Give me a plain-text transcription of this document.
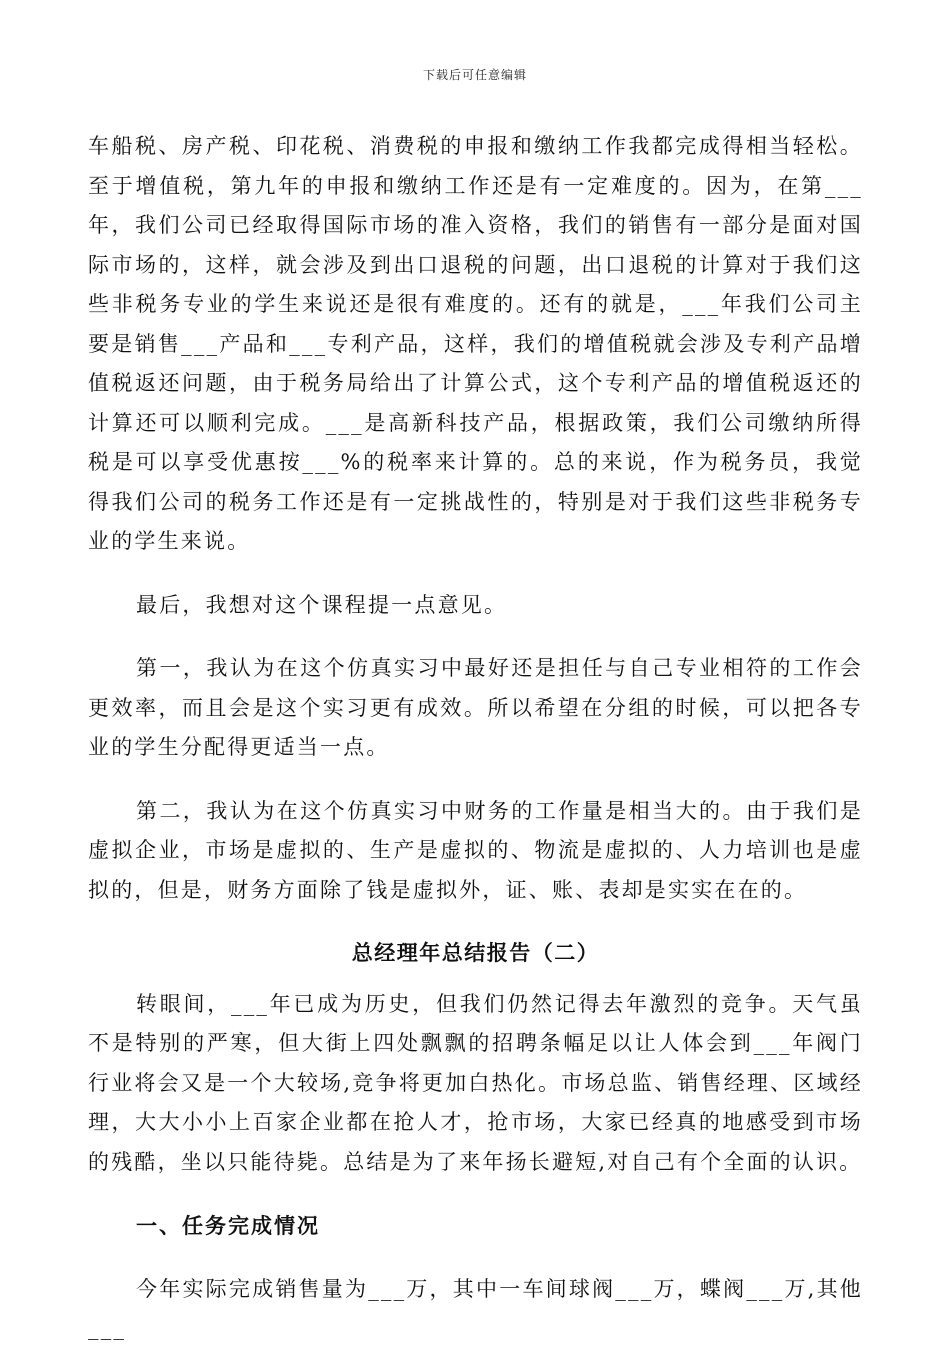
下载后可任意编辑

车船税、房产税、印花税、消费税的申报和缴纳工作我都完成得相当轻松。至于增值税，第九年的申报和缴纳工作还是有一定难度的。因为，在第___年，我们公司已经取得国际市场的准入资格，我们的销售有一部分是面对国际市场的，这样，就会涉及到出口退税的问题，出口退税的计算对于我们这些非税务专业的学生来说还是很有难度的。还有的就是，___年我们公司主要是销售___产品和___专利产品，这样，我们的增值税就会涉及专利产品增值税返还问题，由于税务局给出了计算公式，这个专利产品的增值税返还的计算还可以顺利完成。___是高新科技产品，根据政策，我们公司缴纳所得税是可以享受优惠按___%的税率来计算的。总的来说，作为税务员，我觉得我们公司的税务工作还是有一定挑战性的，特别是对于我们这些非税务专业的学生来说。

最后，我想对这个课程提一点意见。

第一，我认为在这个仿真实习中最好还是担任与自己专业相符的工作会更效率，而且会是这个实习更有成效。所以希望在分组的时候，可以把各专业的学生分配得更适当一点。

第二，我认为在这个仿真实习中财务的工作量是相当大的。由于我们是虚拟企业，市场是虚拟的、生产是虚拟的、物流是虚拟的、人力培训也是虚拟的，但是，财务方面除了钱是虚拟外，证、账、表却是实实在在的。

总经理年总结报告（二）

转眼间，___年已成为历史，但我们仍然记得去年激烈的竞争。天气虽不是特别的严寒，但大街上四处飘飘的招聘条幅足以让人体会到___年阀门行业将会又是一个大较场,竞争将更加白热化。市场总监、销售经理、区域经理，大大小小上百家企业都在抢人才，抢市场，大家已经真的地感受到市场的残酷，坐以只能待毙。总结是为了来年扬长避短,对自己有个全面的认识。

一、任务完成情况

今年实际完成销售量为___万，其中一车间球阀___万，蝶阀___万,其他___
